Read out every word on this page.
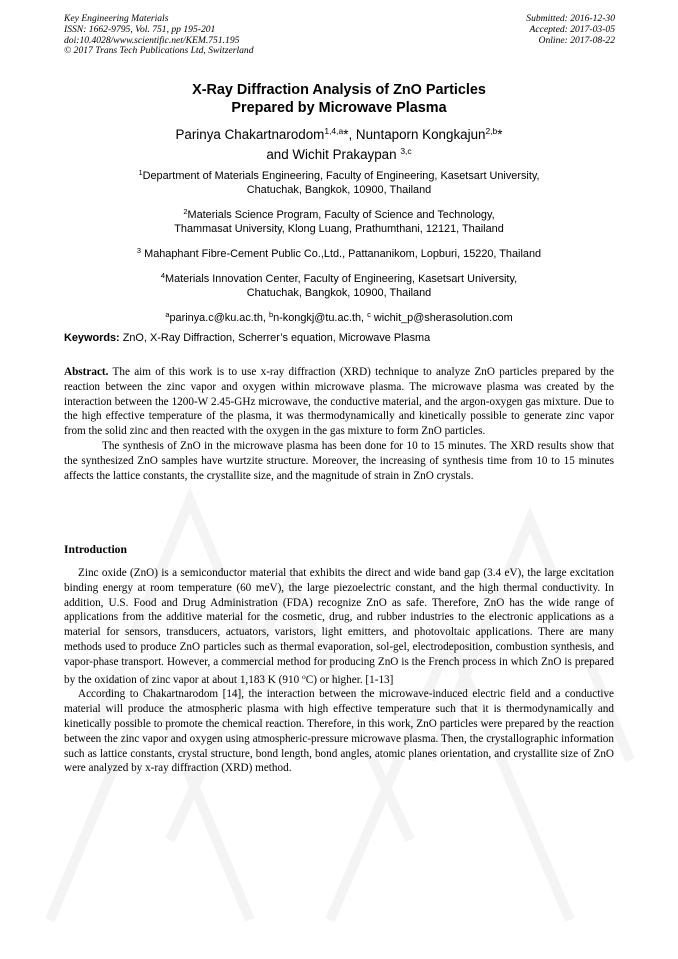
Key Engineering Materials
ISSN: 1662-9795, Vol. 751, pp 195-201
doi:10.4028/www.scientific.net/KEM.751.195
© 2017 Trans Tech Publications Ltd, Switzerland
Submitted: 2016-12-30
Accepted: 2017-03-05
Online: 2017-08-22
X-Ray Diffraction Analysis of ZnO Particles
Prepared by Microwave Plasma
Parinya Chakartnarodom$^{1,4,a}$*, Nuntaporn Kongkajun$^{2,b}$*
and Wichit Prakaypan $^{3,c}$
$^1$Department of Materials Engineering, Faculty of Engineering, Kasetsart University,
Chatuchak, Bangkok, 10900, Thailand
$^2$Materials Science Program, Faculty of Science and Technology,
Thammasat University, Klong Luang, Prathumthani, 12121, Thailand
$^3$ Mahaphant Fibre-Cement Public Co.,Ltd., Pattananikom, Lopburi, 15220, Thailand
$^4$Materials Innovation Center, Faculty of Engineering, Kasetsart University,
Chatuchak, Bangkok, 10900, Thailand
$^a$parinya.c@ku.ac.th, $^b$n-kongkj@tu.ac.th, $^c$ wichit_p@sherasolution.com
Keywords: ZnO, X-Ray Diffraction, Scherrer’s equation, Microwave Plasma

Abstract. The aim of this work is to use x-ray diffraction (XRD) technique to analyze ZnO particles prepared by the reaction between the zinc vapor and oxygen within microwave plasma. The microwave plasma was created by the interaction between the 1200-W 2.45-GHz microwave, the conductive material, and the argon-oxygen gas mixture. Due to the high effective temperature of the plasma, it was thermodynamically and kinetically possible to generate zinc vapor from the solid zinc and then reacted with the oxygen in the gas mixture to form ZnO particles.

The synthesis of ZnO in the microwave plasma has been done for 10 to 15 minutes. The XRD results show that the synthesized ZnO samples have wurtzite structure. Moreover, the increasing of synthesis time from 10 to 15 minutes affects the lattice constants, the crystallite size, and the magnitude of strain in ZnO crystals.

Introduction

Zinc oxide (ZnO) is a semiconductor material that exhibits the direct and wide band gap (3.4 eV), the large excitation binding energy at room temperature (60 meV), the large piezoelectric constant, and the high thermal conductivity. In addition, U.S. Food and Drug Administration (FDA) recognize ZnO as safe. Therefore, ZnO has the wide range of applications from the additive material for the cosmetic, drug, and rubber industries to the electronic applications as a material for sensors, transducers, actuators, varistors, light emitters, and photovoltaic applications. There are many methods used to produce ZnO particles such as thermal evaporation, sol-gel, electrodeposition, combustion synthesis, and vapor-phase transport. However, a commercial method for producing ZnO is the French process in which ZnO is prepared by the oxidation of zinc vapor at about 1,183 K (910 $^o$C) or higher. [1-13]

According to Chakartnarodom [14], the interaction between the microwave-induced electric field and a conductive material will produce the atmospheric plasma with high effective temperature such that it is thermodynamically and kinetically possible to promote the chemical reaction. Therefore, in this work, ZnO particles were prepared by the reaction between the zinc vapor and oxygen using atmospheric-pressure microwave plasma. Then, the crystallographic information such as lattice constants, crystal structure, bond length, bond angles, atomic planes orientation, and crystallite size of ZnO were analyzed by x-ray diffraction (XRD) method.
